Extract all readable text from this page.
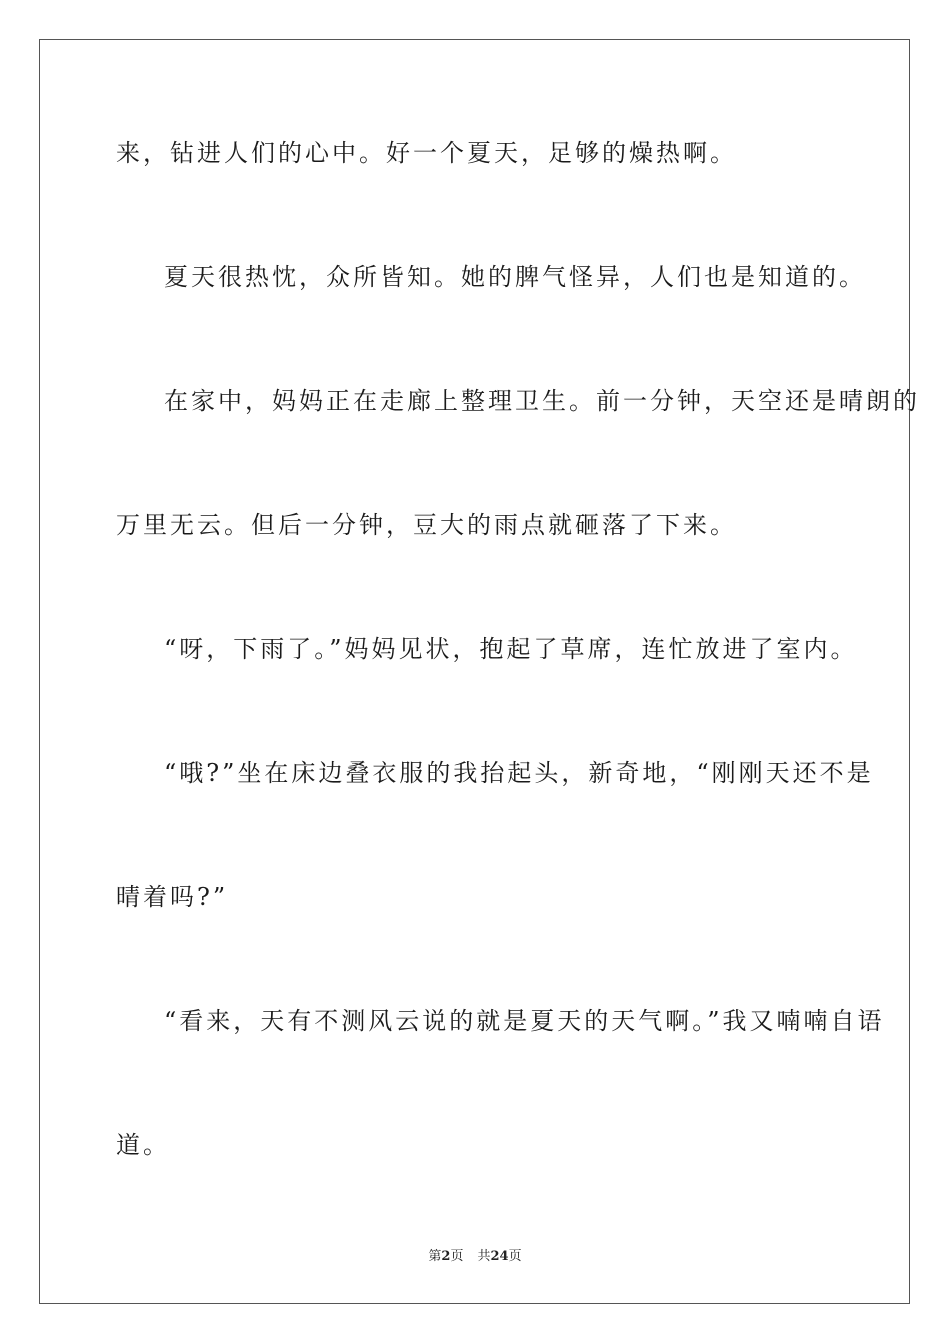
来，钻进人们的心中。好一个夏天，足够的燥热啊。
夏天很热忱，众所皆知。她的脾气怪异，人们也是知道的。
在家中，妈妈正在走廊上整理卫生。前一分钟，天空还是晴朗的
万里无云。但后一分钟，豆大的雨点就砸落了下来。
“呀，下雨了。”妈妈见状，抱起了草席，连忙放进了室内。
“哦?”坐在床边叠衣服的我抬起头，新奇地，“刚刚天还不是
晴着吗?”
“看来，天有不测风云说的就是夏天的天气啊。”我又喃喃自语
道。
第2页 共24页
